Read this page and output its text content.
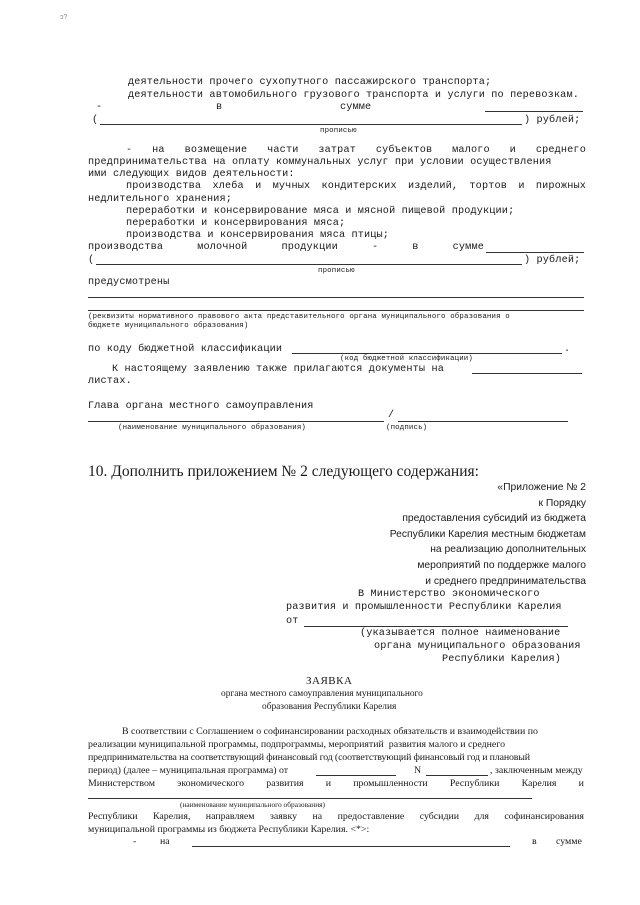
ↄ?
деятельности прочего сухопутного пассажирского транспорта;
деятельности автомобильного грузового транспорта и услуги по перевозкам.
-	в	сумме
(	) рублей;
прописью
- на возмещение части затрат субъектов малого и среднего
предпринимательства на оплату коммунальных услуг при условии осуществления
ими следующих видов деятельности:
производства хлеба и мучных кондитерских изделий, тортов и пирожных
недлительного хранения;
переработки и консервирование мяса и мясной пищевой продукции;
переработки и консервирования мяса;
производства и консервирования мяса птицы;
производства	молочной	продукции	-	в	сумме
(	) рублей;
прописью
предусмотрены
(реквизиты нормативного правового акта представительного органа муниципального образования о
бюджете муниципального образования)
по коду бюджетной классификации	.
(код бюджетной классификации)
К настоящему заявлению также прилагаются документы на
листах.
Глава органа местного самоуправления
/
(наименование муниципального образования)	(подпись)
10. Дополнить приложением № 2 следующего содержания:
«Приложение № 2
к Порядку
предоставления субсидий из бюджета
Республики Карелия местным бюджетам
на реализацию дополнительных
мероприятий по поддержке малого
и среднего предпринимательства
В Министерство экономического
развития и промышленности Республики Карелия
от
(указывается полное наименование
органа муниципального образования
Республики Карелия)
ЗАЯВКА
органа местного самоуправления муниципального
образования Республики Карелия
В соответствии с Соглашением о софинансировании расходных обязательств и взаимодействии по
реализации муниципальной программы, подпрограммы, мероприятий  развития малого и среднего
предпринимательства на соответствующий финансовый год (соответствующий финансовый год и плановый
период) (далее – муниципальная программа) от	N	, заключенным между
Министерством экономического развития и промышленности Республики Карелия и
(наименование муниципального образования)
Республики Карелия, направляем заявку на предоставление субсидии для софинансирования
муниципальной программы из бюджета Республики Карелия. <*>:
- на	в сумме
